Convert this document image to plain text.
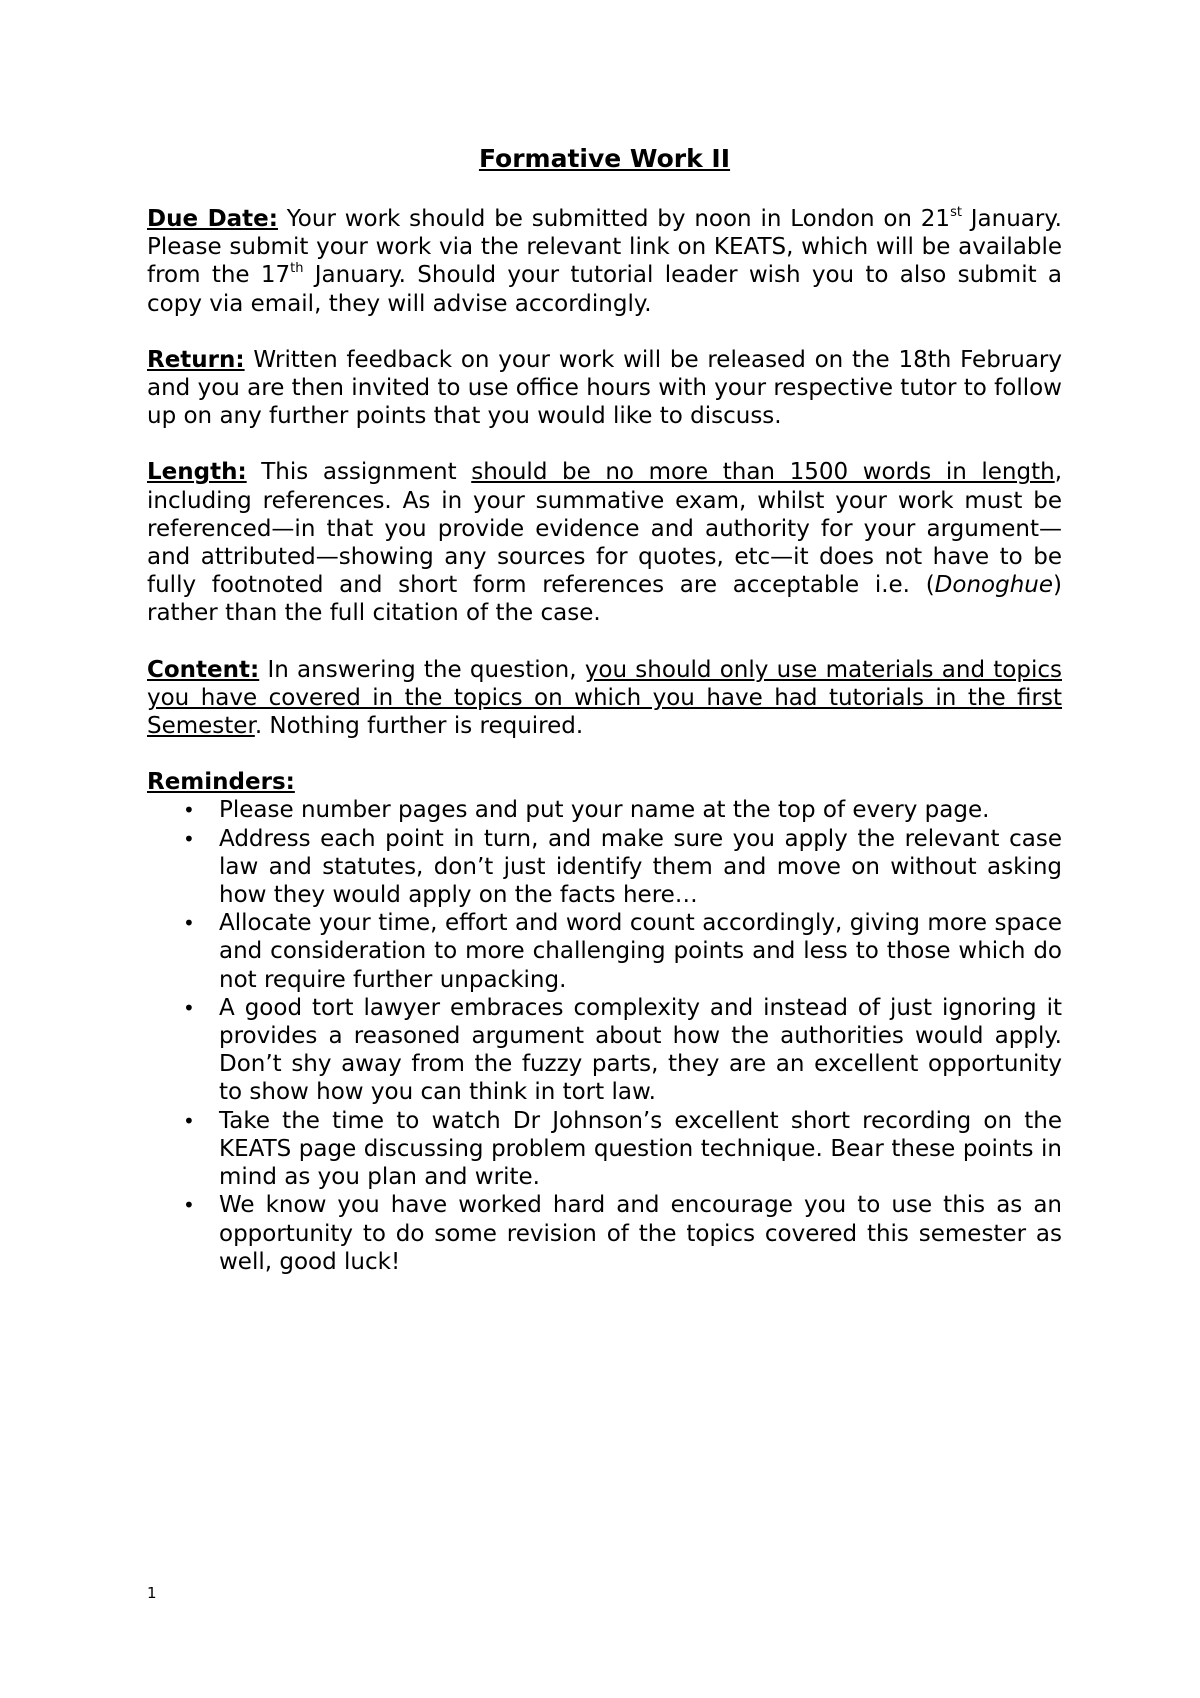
Formative Work II

Due Date: Your work should be submitted by noon in London on 21st January. Please submit your work via the relevant link on KEATS, which will be available from the 17th January. Should your tutorial leader wish you to also submit a copy via email, they will advise accordingly.

Return: Written feedback on your work will be released on the 18th February and you are then invited to use office hours with your respective tutor to follow up on any further points that you would like to discuss.

Length: This assignment should be no more than 1500 words in length, including references. As in your summative exam, whilst your work must be referenced—in that you provide evidence and authority for your argument—and attributed—showing any sources for quotes, etc—it does not have to be fully footnoted and short form references are acceptable i.e. (Donoghue) rather than the full citation of the case.

Content: In answering the question, you should only use materials and topics you have covered in the topics on which you have had tutorials in the first Semester. Nothing further is required.

Reminders:
• Please number pages and put your name at the top of every page.
• Address each point in turn, and make sure you apply the relevant case law and statutes, don’t just identify them and move on without asking how they would apply on the facts here…
• Allocate your time, effort and word count accordingly, giving more space and consideration to more challenging points and less to those which do not require further unpacking.
• A good tort lawyer embraces complexity and instead of just ignoring it provides a reasoned argument about how the authorities would apply. Don’t shy away from the fuzzy parts, they are an excellent opportunity to show how you can think in tort law.
• Take the time to watch Dr Johnson’s excellent short recording on the KEATS page discussing problem question technique. Bear these points in mind as you plan and write.
• We know you have worked hard and encourage you to use this as an opportunity to do some revision of the topics covered this semester as well, good luck!
1
